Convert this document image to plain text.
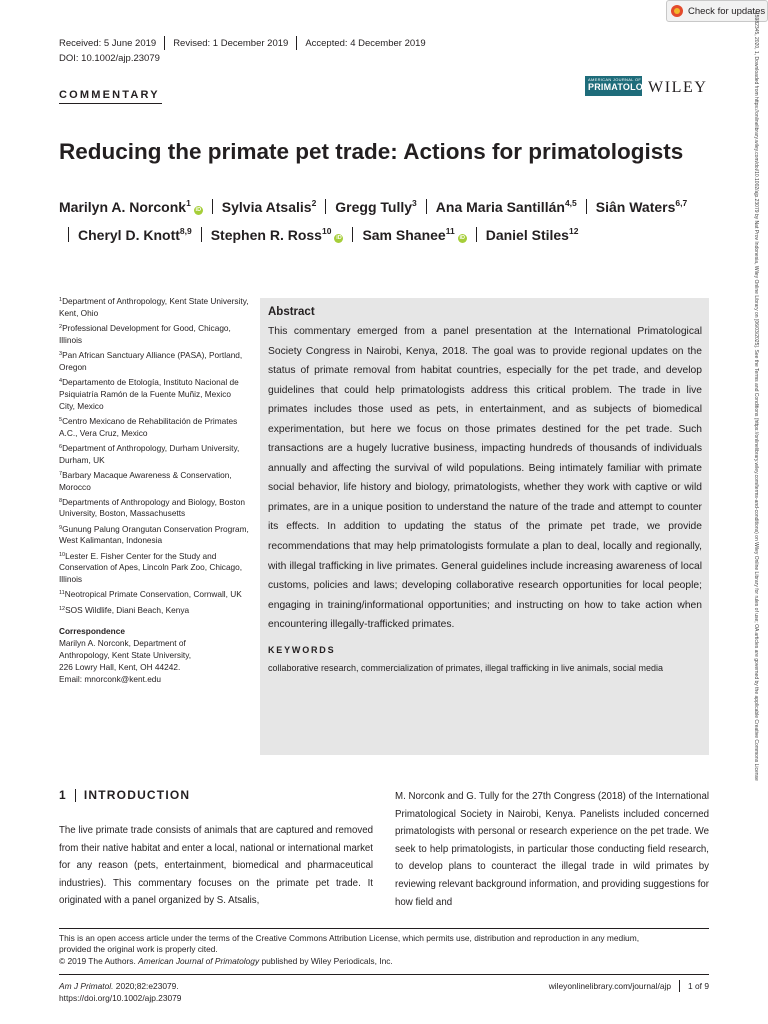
Received: 5 June 2019 Revised: 1 December 2019 Accepted: 4 December 2019
DOI: 10.1002/ajp.23079
COMMENTARY
Check for updates
AMERICAN JOURNAL OF
PRIMATOLOGY
WILEY
Reducing the primate pet trade: Actions for primatologists
Marilyn A. Norconk$^1$iD Sylvia Atsalis$^2$ Gregg Tully$^3$ Ana Maria Santillán$^{4,5}$ Siân Waters$^{6,7}$Cheryl D. Knott$^{8,9}$ Stephen R. Ross$^{10}$iD Sam Shanee$^{11}$iD Daniel Stiles$^{12}$
$^1$Department of Anthropology, Kent State University, Kent, Ohio
$^2$Professional Development for Good, Chicago, Illinois
$^3$Pan African Sanctuary Alliance (PASA), Portland, Oregon
$^4$Departamento de Etología, Instituto Nacional de Psiquiatría Ramón de la Fuente Muñiz, Mexico City, Mexico
$^5$Centro Mexicano de Rehabilitación de Primates A.C., Vera Cruz, Mexico
$^6$Department of Anthropology, Durham University, Durham, UK
$^7$Barbary Macaque Awareness & Conservation, Morocco
$^8$Departments of Anthropology and Biology, Boston University, Boston, Massachusetts
$^9$Gunung Palung Orangutan Conservation Program, West Kalimantan, Indonesia
$^{10}$Lester E. Fisher Center for the Study and Conservation of Apes, Lincoln Park Zoo, Chicago, Illinois
$^{11}$Neotropical Primate Conservation, Cornwall, UK
$^{12}$SOS Wildlife, Diani Beach, Kenya
Correspondence
Marilyn A. Norconk, Department of
Anthropology, Kent State University,
226 Lowry Hall, Kent, OH 44242.
Email: mnorconk@kent.edu
Abstract

This commentary emerged from a panel presentation at the International Primatological Society Congress in Nairobi, Kenya, 2018. The goal was to provide regional updates on the status of primate removal from habitat countries, especially for the pet trade, and develop guidelines that could help primatologists address this critical problem. The trade in live primates includes those used as pets, in entertainment, and as subjects of biomedical experimentation, but here we focus on those primates destined for the pet trade. Such transactions are a hugely lucrative business, impacting hundreds of thousands of individuals annually and affecting the survival of wild populations. Being intimately familiar with primate social behavior, life history and biology, primatologists, whether they work with captive or wild primates, are in a unique position to understand the nature of the trade and attempt to counter its effects. In addition to updating the status of the primate pet trade, we provide recommendations that may help primatologists formulate a plan to deal, locally and regionally, with illegal trafficking in live primates. General guidelines include increasing awareness of local customs, policies and laws; developing collaborative research opportunities for local people; engaging in training/informational opportunities; and instructing on how to take action when encountering illegally-trafficked primates.

KEYWORDS
collaborative research, commercialization of primates, illegal trafficking in live animals, social media
1 INTRODUCTION
The live primate trade consists of animals that are captured and removed from their native habitat and enter a local, national or international market for any reason (pets, entertainment, biomedical and pharmaceutical industries). This commentary focuses on the primate pet trade. It originated with a panel organized by S. Atsalis,
M. Norconk and G. Tully for the 27th Congress (2018) of the International Primatological Society in Nairobi, Kenya. Panelists included concerned primatologists with personal or research experience on the pet trade. We seek to help primatologists, in particular those conducting field research, to develop plans to counteract the illegal trade in wild primates by reviewing relevant background information, and providing suggestions for how field and
This is an open access article under the terms of the Creative Commons Attribution License, which permits use, distribution and reproduction in any medium,
provided the original work is properly cited.
© 2019 The Authors. American Journal of Primatology published by Wiley Periodicals, Inc.
Am J Primatol. 2020;82:e23079.
https://doi.org/10.1002/ajp.23079
wileyonlinelibrary.com/journal/ajp 1 of 9
15982345, 2020, 1, Downloaded from https://onlinelibrary.wiley.com/doi/10.1002/ajp.23079 by Nat Prov Indonesia, Wiley Online Library on [06/03/2025]. See the Terms and Conditions (https://onlinelibrary.wiley.com/terms-and-conditions) on Wiley Online Library for rules of use; OA articles are governed by the applicable Creative Commons License
